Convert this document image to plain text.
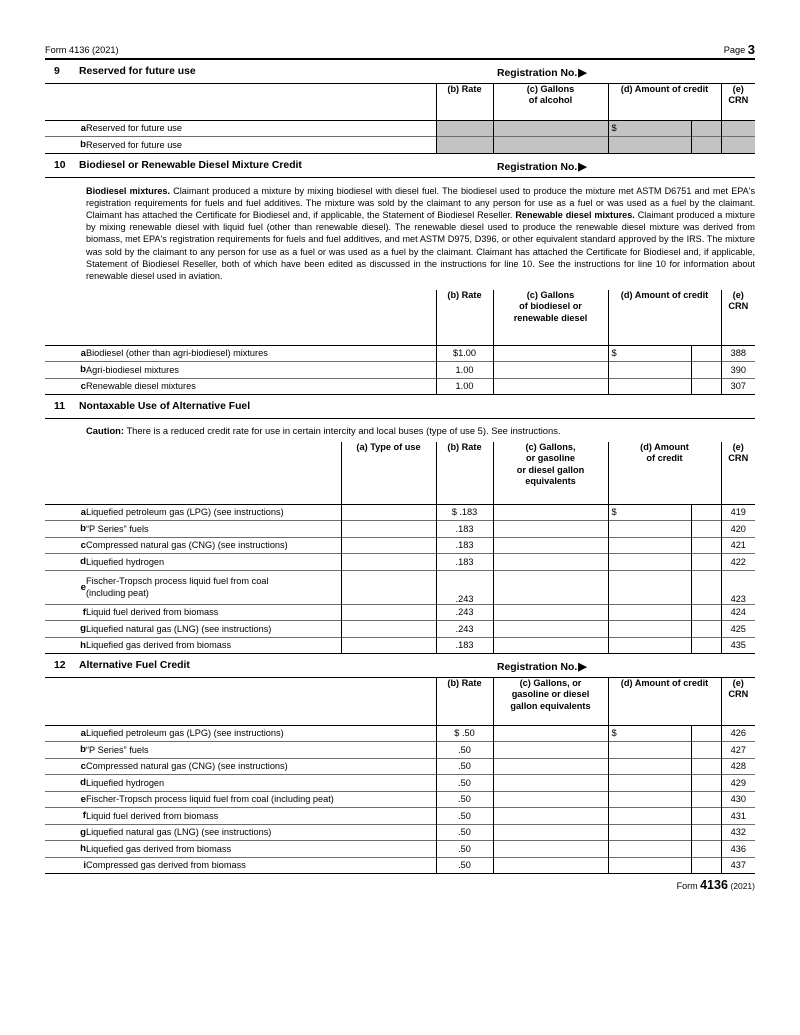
Form 4136 (2021)	Page 3
9	Reserved for future use	Registration No.▶
		(b) Rate	(c) Gallons
of alcohol	(d) Amount of credit		(e) CRN
a	Reserved for future use			$		

b	Reserved for future use					
10	Biodiesel or Renewable Diesel Mixture Credit	Registration No.▶
Biodiesel mixtures. Claimant produced a mixture by mixing biodiesel with diesel fuel. The biodiesel used to produce the mixture met ASTM D6751 and met EPA's registration requirements for fuels and fuel additives. The mixture was sold by the claimant to any person for use as a fuel or was used as a fuel by the claimant. Claimant has attached the Certificate for Biodiesel and, if applicable, the Statement of Biodiesel Reseller. Renewable diesel mixtures. Claimant produced a mixture by mixing renewable diesel with liquid fuel (other than renewable diesel). The renewable diesel used to produce the renewable diesel mixture was derived from biomass, met EPA's registration requirements for fuels and fuel additives, and met ASTM D975, D396, or other equivalent standard approved by the IRS. The mixture was sold by the claimant to any person for use as a fuel or was used as a fuel by the claimant. Claimant has attached the Certificate for Biodiesel and, if applicable, Statement of Biodiesel Reseller, both of which have been edited as discussed in the instructions for line 10. See the instructions for line 10 for information about renewable diesel used in aviation.
		(b) Rate	(c) Gallons
of biodiesel or
renewable diesel	(d) Amount of credit		(e) CRN
a	Biodiesel (other than agri-biodiesel) mixtures	$1.00		$		388
b	Agri-biodiesel mixtures	1.00				390
c	Renewable diesel mixtures	1.00				307
11	Nontaxable Use of Alternative Fuel
Caution: There is a reduced credit rate for use in certain intercity and local buses (type of use 5). See instructions.
		(a) Type of use	(b) Rate	(c) Gallons,
or gasoline
or diesel gallon
equivalents	(d) Amount
of credit		(e) CRN
a	Liquefied petroleum gas (LPG) (see instructions)		$ .183		$		419
b	“P Series” fuels		.183				420
c	Compressed natural gas (CNG) (see instructions)		.183				421
d	Liquefied hydrogen		.183				422
e	Fischer-Tropsch process liquid fuel from coal
(including peat)		.243				423
f	Liquid fuel derived from biomass		.243				424
g	Liquefied natural gas (LNG) (see instructions)		.243				425
h	Liquefied gas derived from biomass		.183				435
12	Alternative Fuel Credit	Registration No.▶
		(b) Rate	(c) Gallons, or
gasoline or diesel
gallon equivalents	(d) Amount of credit		(e) CRN
a	Liquefied petroleum gas (LPG) (see instructions)	$ .50		$		426
b	“P Series” fuels	.50				427
c	Compressed natural gas (CNG) (see instructions)	.50				428
d	Liquefied hydrogen	.50				429
e	Fischer-Tropsch process liquid fuel from coal (including peat)	.50				430
f	Liquid fuel derived from biomass	.50				431
g	Liquefied natural gas (LNG) (see instructions)	.50				432
h	Liquefied gas derived from biomass	.50				436
i	Compressed gas derived from biomass	.50				437
Form 4136 (2021)
